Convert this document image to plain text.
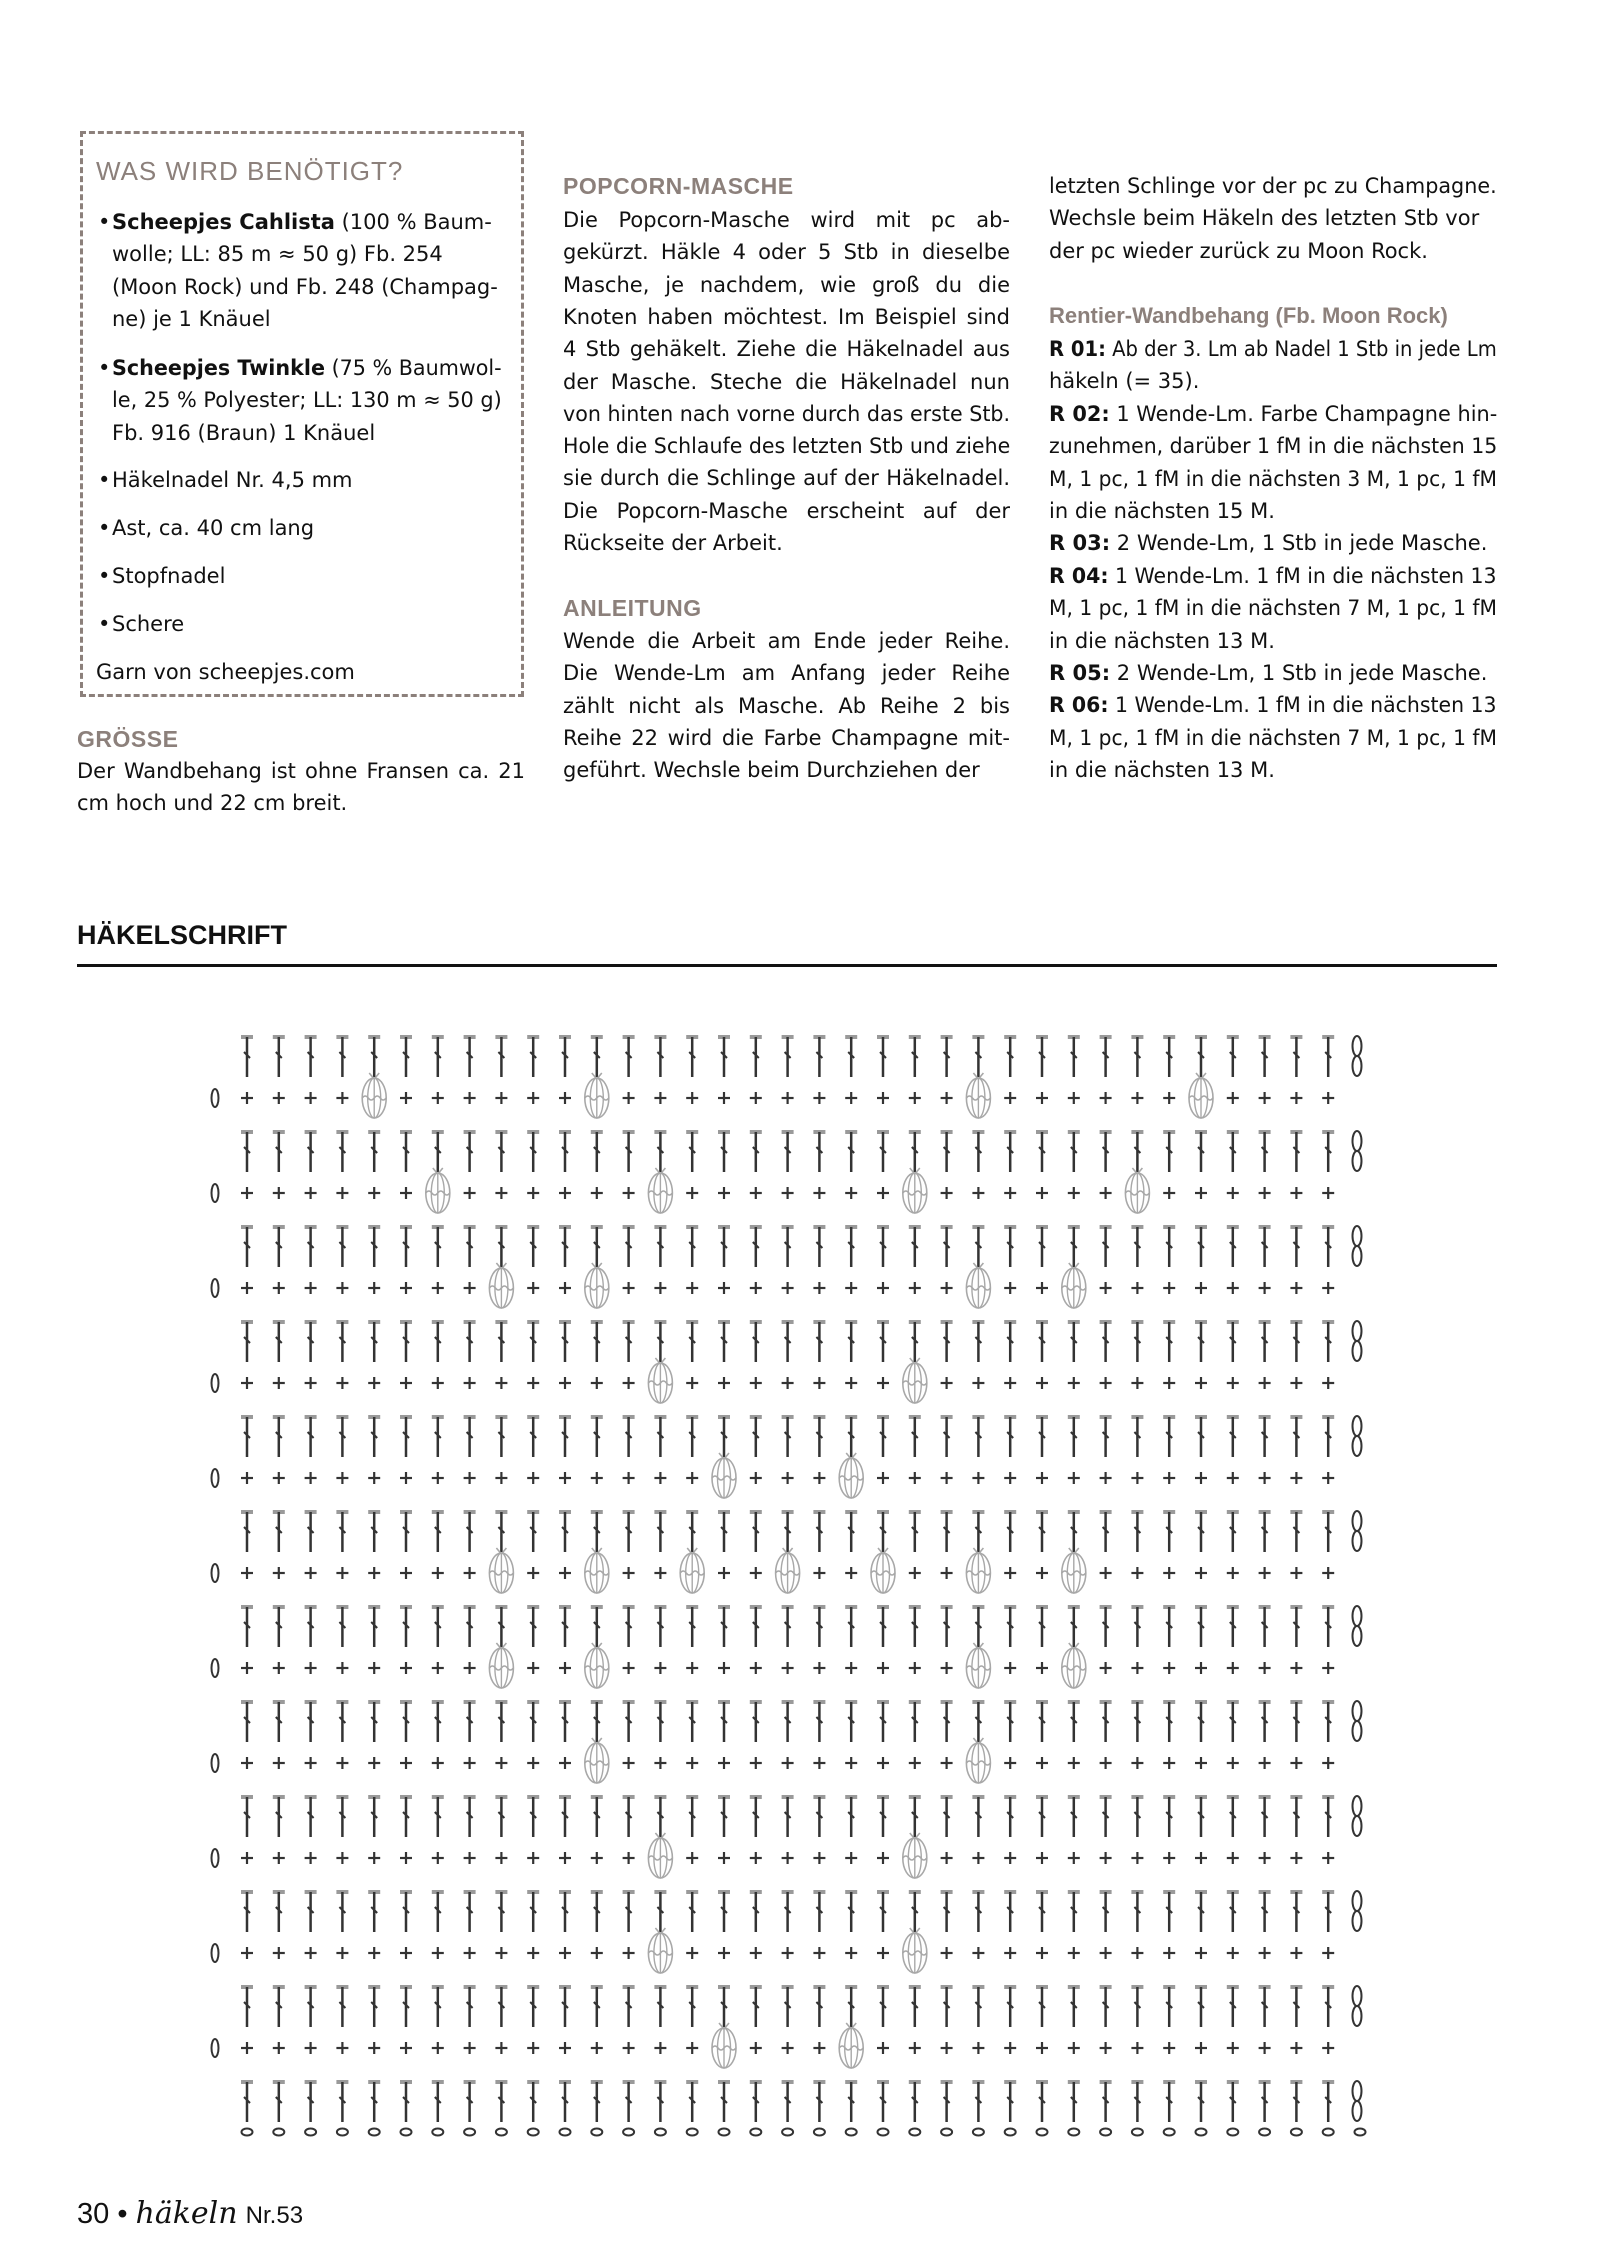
WAS WIRD BENÖTIGT?
• Scheepjes Cahlista (100 % Baum-
wolle; LL: 85 m ≈ 50 g) Fb. 254
(Moon Rock) und Fb. 248 (Champag-
ne) je 1 Knäuel
• Scheepjes Twinkle (75 % Baumwol-
le, 25 % Polyester; LL: 130 m ≈ 50 g)
Fb. 916 (Braun) 1 Knäuel
• Häkelnadel Nr. 4,5 mm
• Ast, ca. 40 cm lang
• Stopfnadel
• Schere
Garn von scheepjes.com
GRÖSSE
Der Wandbehang ist ohne Fransen ca. 21
cm hoch und 22 cm breit.
POPCORN-MASCHE
Die Popcorn-Masche wird mit pc ab-
gekürzt. Häkle 4 oder 5 Stb in dieselbe
Masche, je nachdem, wie groß du die
Knoten haben möchtest. Im Beispiel sind
4 Stb gehäkelt. Ziehe die Häkelnadel aus
der Masche. Steche die Häkelnadel nun
von hinten nach vorne durch das erste Stb.
Hole die Schlaufe des letzten Stb und ziehe
sie durch die Schlinge auf der Häkelnadel.
Die Popcorn-Masche erscheint auf der
Rückseite der Arbeit.
ANLEITUNG
Wende die Arbeit am Ende jeder Reihe.
Die Wende-Lm am Anfang jeder Reihe
zählt nicht als Masche. Ab Reihe 2 bis
Reihe 22 wird die Farbe Champagne mit-
geführt. Wechsle beim Durchziehen der
letzten Schlinge vor der pc zu Champagne.
Wechsle beim Häkeln des letzten Stb vor
der pc wieder zurück zu Moon Rock.
Rentier-Wandbehang (Fb. Moon Rock)
R 01: Ab der 3. Lm ab Nadel 1 Stb in jede Lm
häkeln (= 35).
R 02: 1 Wende-Lm. Farbe Champagne hin-
zunehmen, darüber 1 fM in die nächsten 15
M, 1 pc, 1 fM in die nächsten 3 M, 1 pc, 1 fM
in die nächsten 15 M.
R 03: 2 Wende-Lm, 1 Stb in jede Masche.
R 04: 1 Wende-Lm. 1 fM in die nächsten 13
M, 1 pc, 1 fM in die nächsten 7 M, 1 pc, 1 fM
in die nächsten 13 M.
R 05: 2 Wende-Lm, 1 Stb in jede Masche.
R 06: 1 Wende-Lm. 1 fM in die nächsten 13
M, 1 pc, 1 fM in die nächsten 7 M, 1 pc, 1 fM
in die nächsten 13 M.
HÄKELSCHRIFT
30 • häkeln Nr.53
